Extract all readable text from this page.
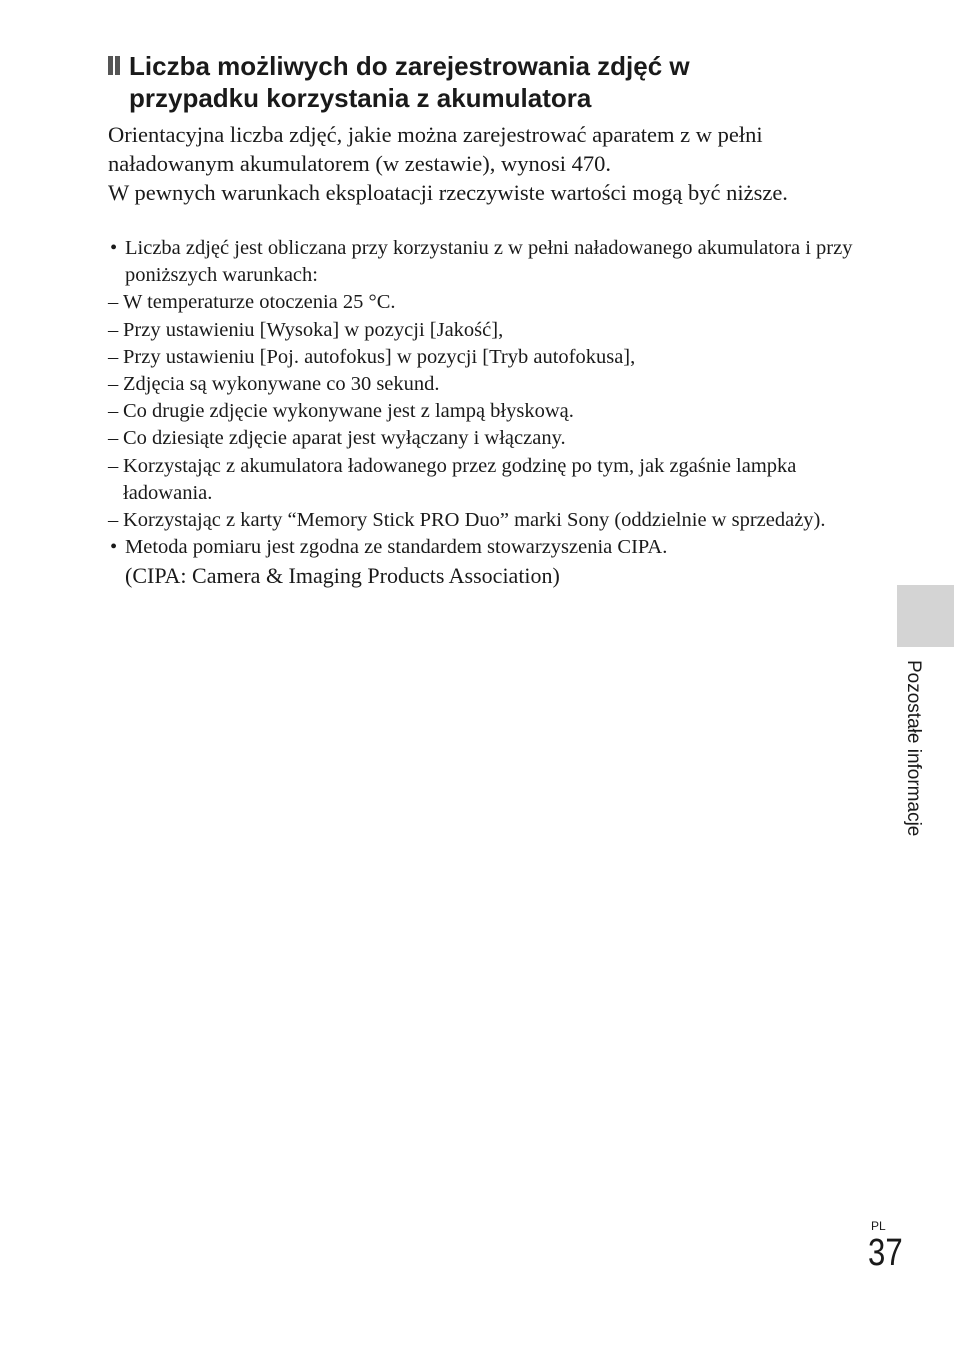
Liczba możliwych do zarejestrowania zdjęć w
przypadku korzystania z akumulatora

Orientacyjna liczba zdjęć, jakie można zarejestrować aparatem z w pełni naładowanym akumulatorem (w zestawie), wynosi 470.

W pewnych warunkach eksploatacji rzeczywiste wartości mogą być niższe.

• Liczba zdjęć jest obliczana przy korzystaniu z w pełni naładowanego akumulatora i przy poniższych warunkach:
– W temperaturze otoczenia 25 °C.
– Przy ustawieniu [Wysoka] w pozycji [Jakość],
– Przy ustawieniu [Poj. autofokus] w pozycji [Tryb autofokusa],
– Zdjęcia są wykonywane co 30 sekund.
– Co drugie zdjęcie wykonywane jest z lampą błyskową.
– Co dziesiąte zdjęcie aparat jest wyłączany i włączany.
– Korzystając z akumulatora ładowanego przez godzinę po tym, jak zgaśnie lampka ładowania.
– Korzystając z karty “Memory Stick PRO Duo” marki Sony (oddzielnie w sprzedaży).
• Metoda pomiaru jest zgodna ze standardem stowarzyszenia CIPA.
(CIPA: Camera & Imaging Products Association)
Pozostałe informacje
PL
37
